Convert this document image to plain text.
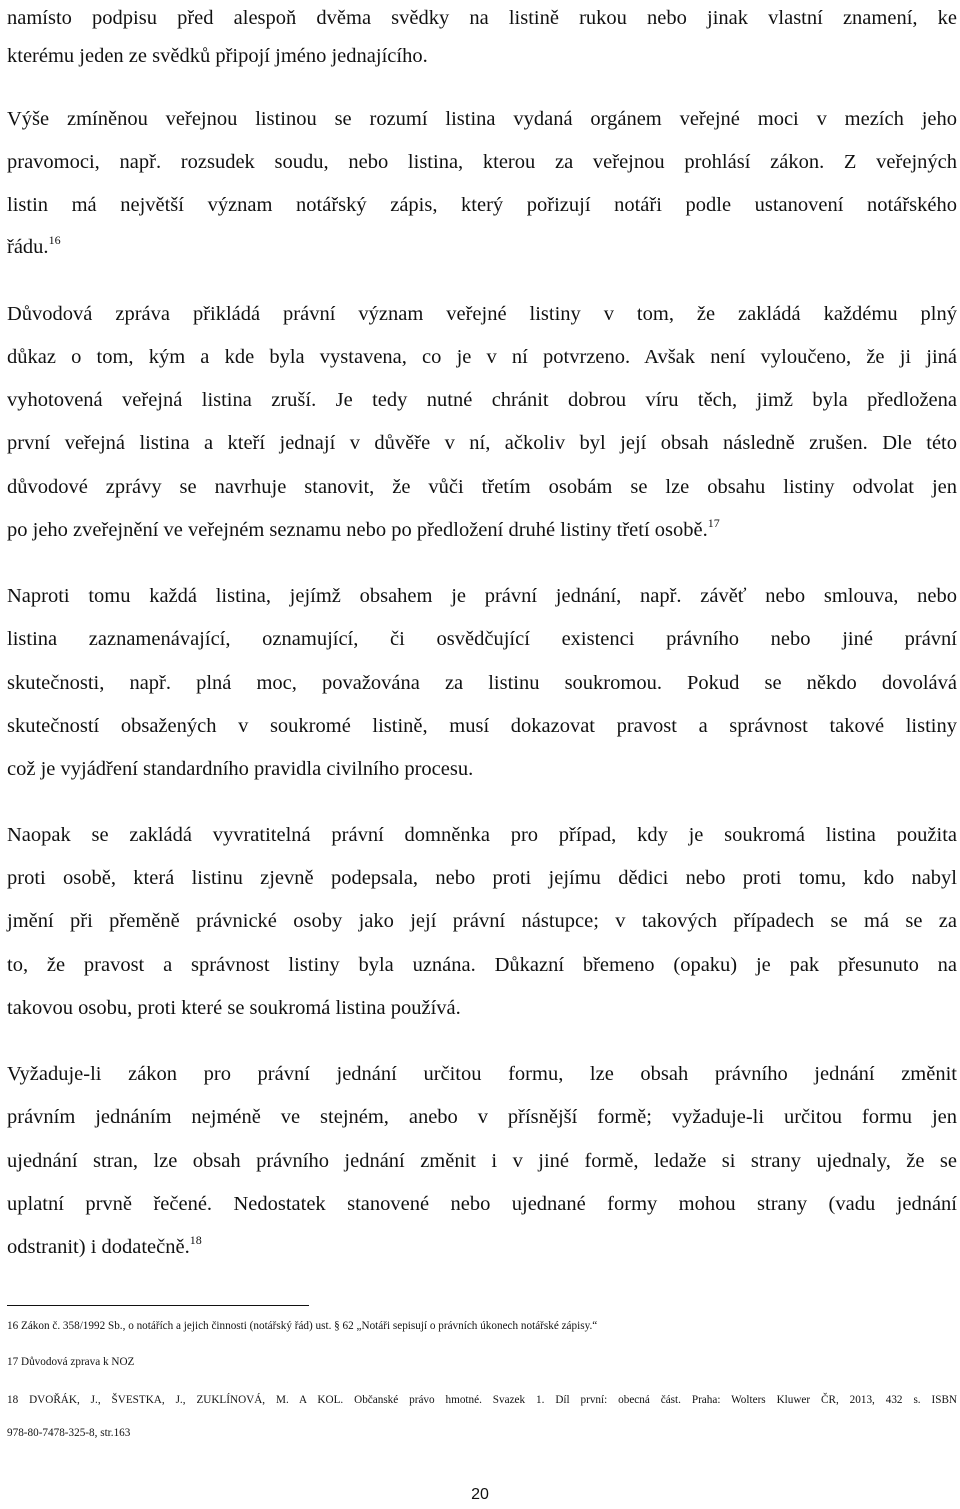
namísto podpisu před alespoň dvěma svědky na listině rukou nebo jinak vlastní znamení, ke
kterému jeden ze svědků připojí jméno jednajícího.
Výše zmíněnou veřejnou listinou se rozumí listina vydaná orgánem veřejné moci v mezích jeho
pravomoci, např. rozsudek soudu, nebo listina, kterou za veřejnou prohlásí zákon. Z veřejných
listin má největší význam notářský zápis, který pořizují notáři podle ustanovení notářského
řádu.$^{16}$
Důvodová zpráva přikládá právní význam veřejné listiny v tom, že zakládá každému plný
důkaz o tom, kým a kde byla vystavena, co je v ní potvrzeno. Avšak není vyloučeno, že ji jiná
vyhotovená veřejná listina zruší. Je tedy nutné chránit dobrou víru těch, jimž byla předložena
první veřejná listina a kteří jednají v důvěře v ní, ačkoliv byl její obsah následně zrušen. Dle této
důvodové zprávy se navrhuje stanovit, že vůči třetím osobám se lze obsahu listiny odvolat jen
po jeho zveřejnění ve veřejném seznamu nebo po předložení druhé listiny třetí osobě.$^{17}$
Naproti tomu každá listina, jejímž obsahem je právní jednání, např. závěť nebo smlouva, nebo
listina zaznamenávající, oznamující, či osvědčující existenci právního nebo jiné právní
skutečnosti, např. plná moc, považována za listinu soukromou. Pokud se někdo dovolává
skutečností obsažených v soukromé listině, musí dokazovat pravost a správnost takové listiny
což je vyjádření standardního pravidla civilního procesu.
Naopak se zakládá vyvratitelná právní domněnka pro případ, kdy je soukromá listina použita
proti osobě, která listinu zjevně podepsala, nebo proti jejímu dědici nebo proti tomu, kdo nabyl
jmění při přeměně právnické osoby jako její právní nástupce; v takových případech se má se za
to, že pravost a správnost listiny byla uznána. Důkazní břemeno (opaku) je pak přesunuto na
takovou osobu, proti které se soukromá listina používá.
Vyžaduje-li zákon pro právní jednání určitou formu, lze obsah právního jednání změnit
právním jednáním nejméně ve stejném, anebo v přísnější formě; vyžaduje-li určitou formu jen
ujednání stran, lze obsah právního jednání změnit i v jiné formě, ledaže si strany ujednaly, že se
uplatní prvně řečené. Nedostatek stanovené nebo ujednané formy mohou strany (vadu jednání
odstranit) i dodatečně.$^{18}$
16 Zákon č. 358/1992 Sb., o notářích a jejich činnosti (notářský řád) ust. § 62 „Notáři sepisují o právních úkonech notářské zápisy.“
17 Důvodová zprava k NOZ
18 DVOŘÁK, J., ŠVESTKA, J., ZUKLÍNOVÁ, M. A KOL. Občanské právo hmotné. Svazek 1. Díl první: obecná část. Praha: Wolters Kluwer ČR, 2013, 432 s. ISBN
978-80-7478-325-8, str.163
20
